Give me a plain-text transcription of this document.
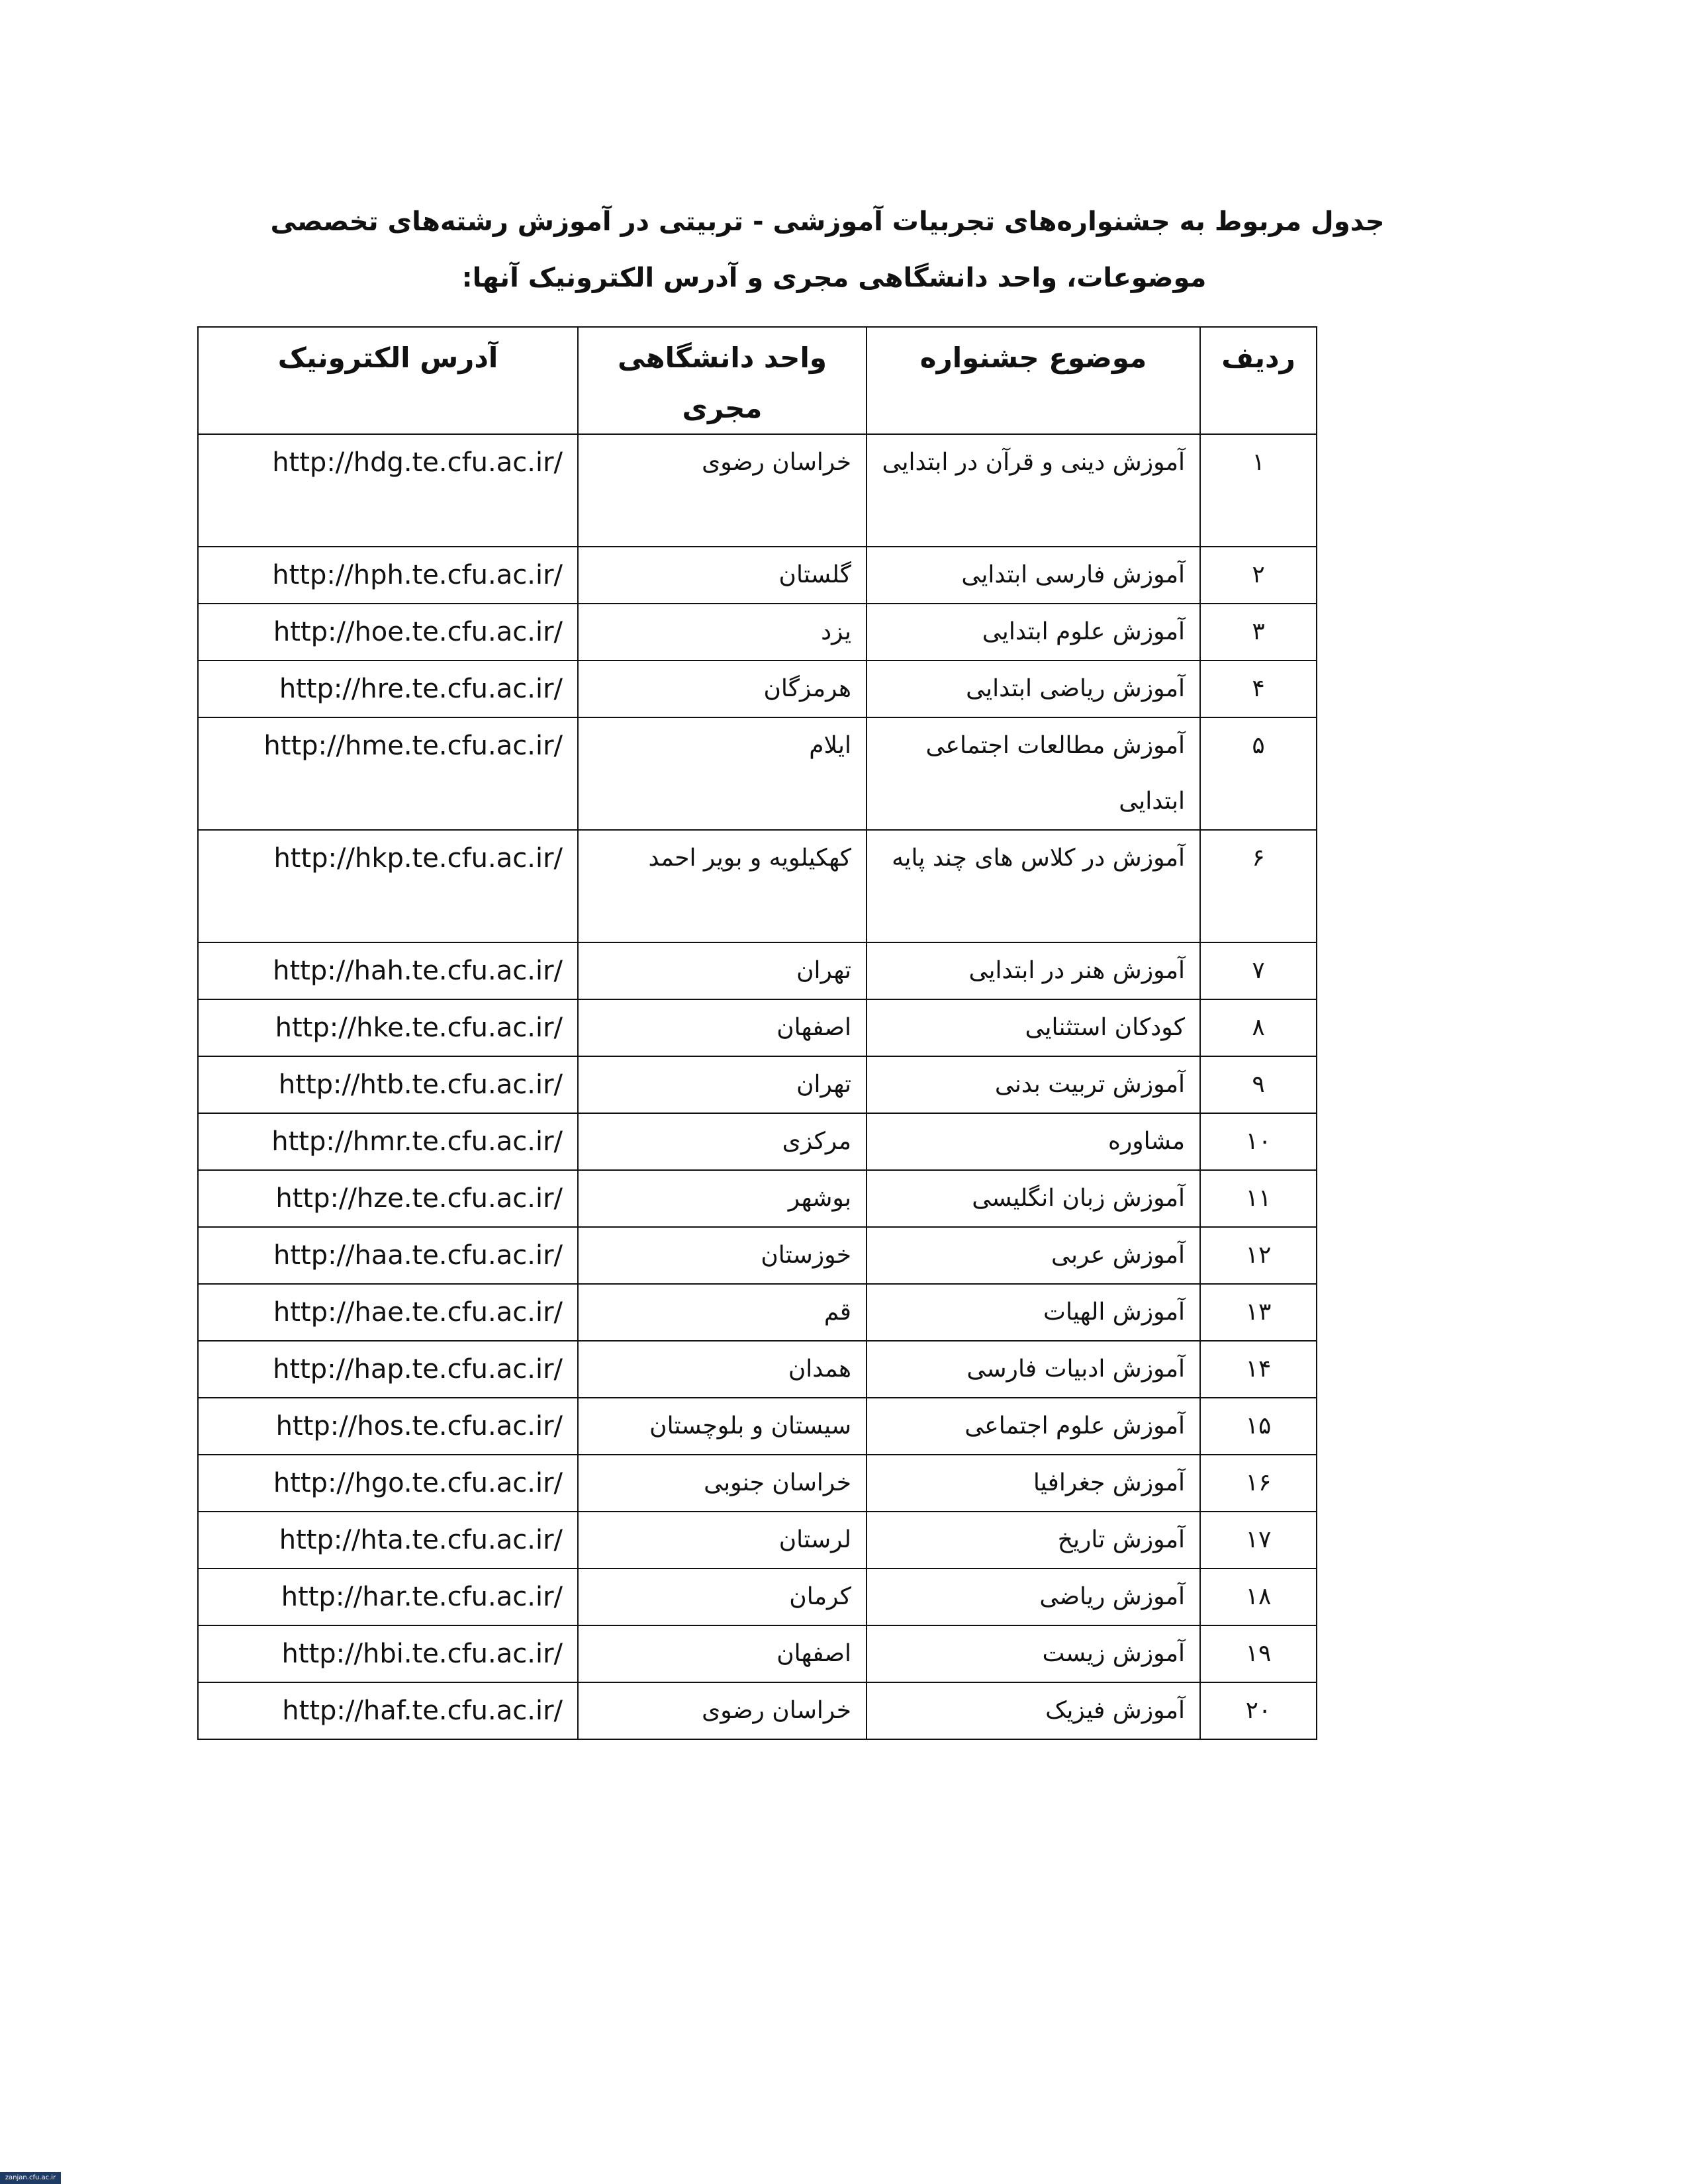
جدول مربوط به جشنواره‌های تجربیات آموزشی - تربیتی در آموزش رشته‌های تخصصی
موضوعات، واحد دانشگاهی مجری و آدرس الکترونیک آنها:
ردیف	موضوع جشنواره	واحد دانشگاهی مجری	آدرس الکترونیک
۱	آموزش دینی و قرآن در ابتدایی	خراسان رضوی	http://hdg.te.cfu.ac.ir/
۲	آموزش فارسی ابتدایی	گلستان	http://hph.te.cfu.ac.ir/
۳	آموزش علوم ابتدایی	یزد	http://hoe.te.cfu.ac.ir/
۴	آموزش ریاضی ابتدایی	هرمزگان	http://hre.te.cfu.ac.ir/
۵	آموزش مطالعات اجتماعی ابتدایی	ایلام	http://hme.te.cfu.ac.ir/
۶	آموزش در کلاس های چند پایه	کهکیلویه و بویر احمد	http://hkp.te.cfu.ac.ir/
۷	آموزش هنر در ابتدایی	تهران	http://hah.te.cfu.ac.ir/
۸	کودکان استثنایی	اصفهان	http://hke.te.cfu.ac.ir/
۹	آموزش تربیت بدنی	تهران	http://htb.te.cfu.ac.ir/
۱۰	مشاوره	مرکزی	http://hmr.te.cfu.ac.ir/
۱۱	آموزش زبان انگلیسی	بوشهر	http://hze.te.cfu.ac.ir/
۱۲	آموزش عربی	خوزستان	http://haa.te.cfu.ac.ir/
۱۳	آموزش الهیات	قم	http://hae.te.cfu.ac.ir/
۱۴	آموزش ادبیات فارسی	همدان	http://hap.te.cfu.ac.ir/
۱۵	آموزش علوم اجتماعی	سیستان و بلوچستان	http://hos.te.cfu.ac.ir/
۱۶	آموزش جغرافیا	خراسان جنوبی	http://hgo.te.cfu.ac.ir/
۱۷	آموزش تاریخ	لرستان	http://hta.te.cfu.ac.ir/
۱۸	آموزش ریاضی	کرمان	http://har.te.cfu.ac.ir/
۱۹	آموزش زیست	اصفهان	http://hbi.te.cfu.ac.ir/
۲۰	آموزش فیزیک	خراسان رضوی	http://haf.te.cfu.ac.ir/
zanjan.cfu.ac.ir
